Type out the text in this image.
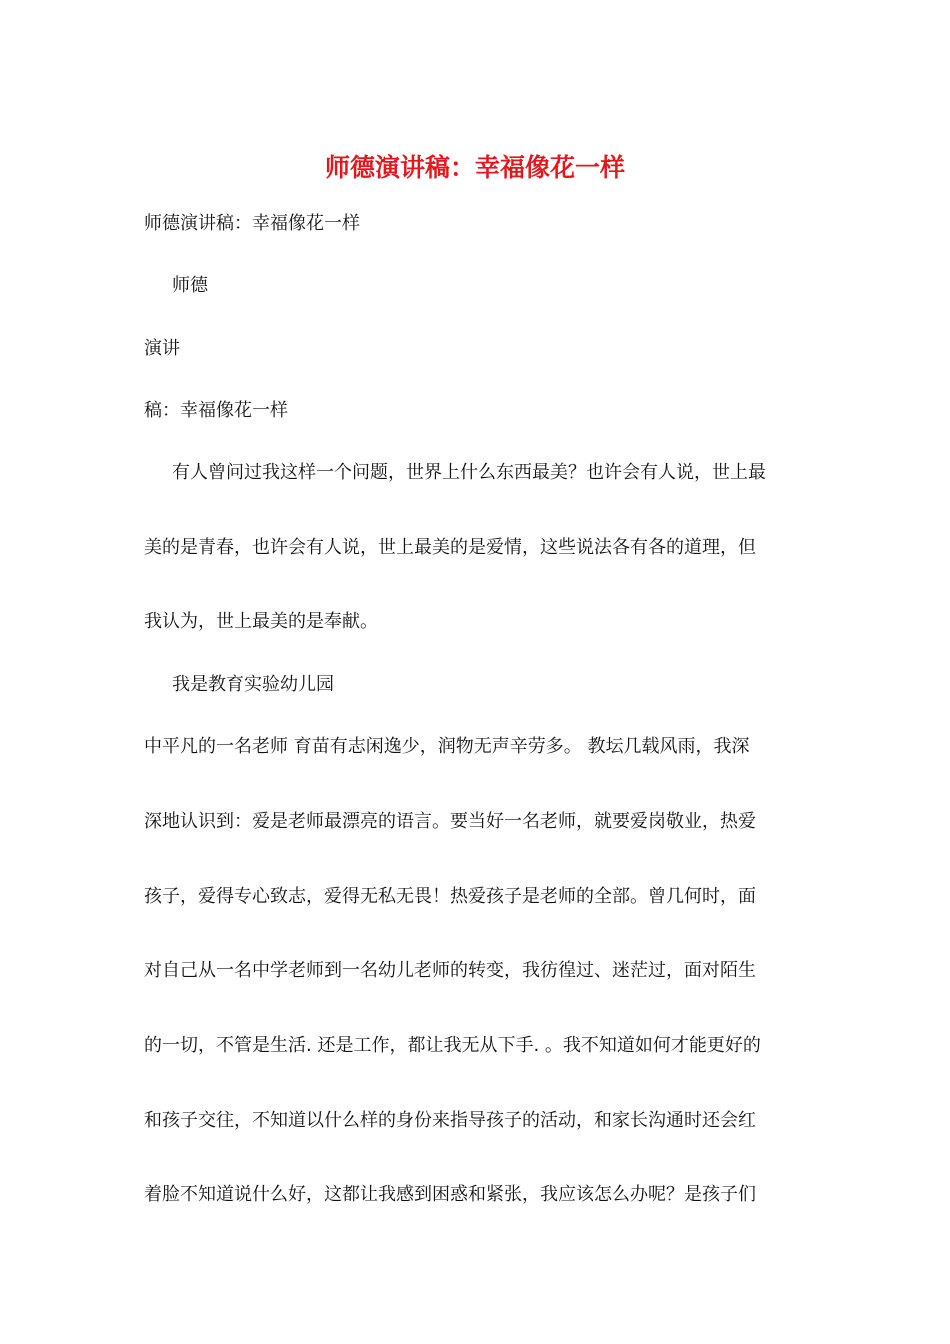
师德演讲稿：幸福像花一样

师德演讲稿：幸福像花一样

师德

演讲

稿：幸福像花一样

有人曾问过我这样一个问题，世界上什么东西最美？也许会有人说，世上最

美的是青春，也许会有人说，世上最美的是爱情，这些说法各有各的道理，但

我认为，世上最美的是奉献。

我是教育实验幼儿园

中平凡的一名老师 育苗有志闲逸少，润物无声辛劳多。 教坛几载风雨，我深

深地认识到：爱是老师最漂亮的语言。要当好一名老师，就要爱岗敬业，热爱

孩子，爱得专心致志，爱得无私无畏！热爱孩子是老师的全部。曾几何时，面

对自己从一名中学老师到一名幼儿老师的转变，我彷徨过、迷茫过，面对陌生

的一切，不管是生活. 还是工作，都让我无从下手. 。我不知道如何才能更好的

和孩子交往，不知道以什么样的身份来指导孩子的活动，和家长沟通时还会红

着脸不知道说什么好，这都让我感到困惑和紧张，我应该怎么办呢？是孩子们
